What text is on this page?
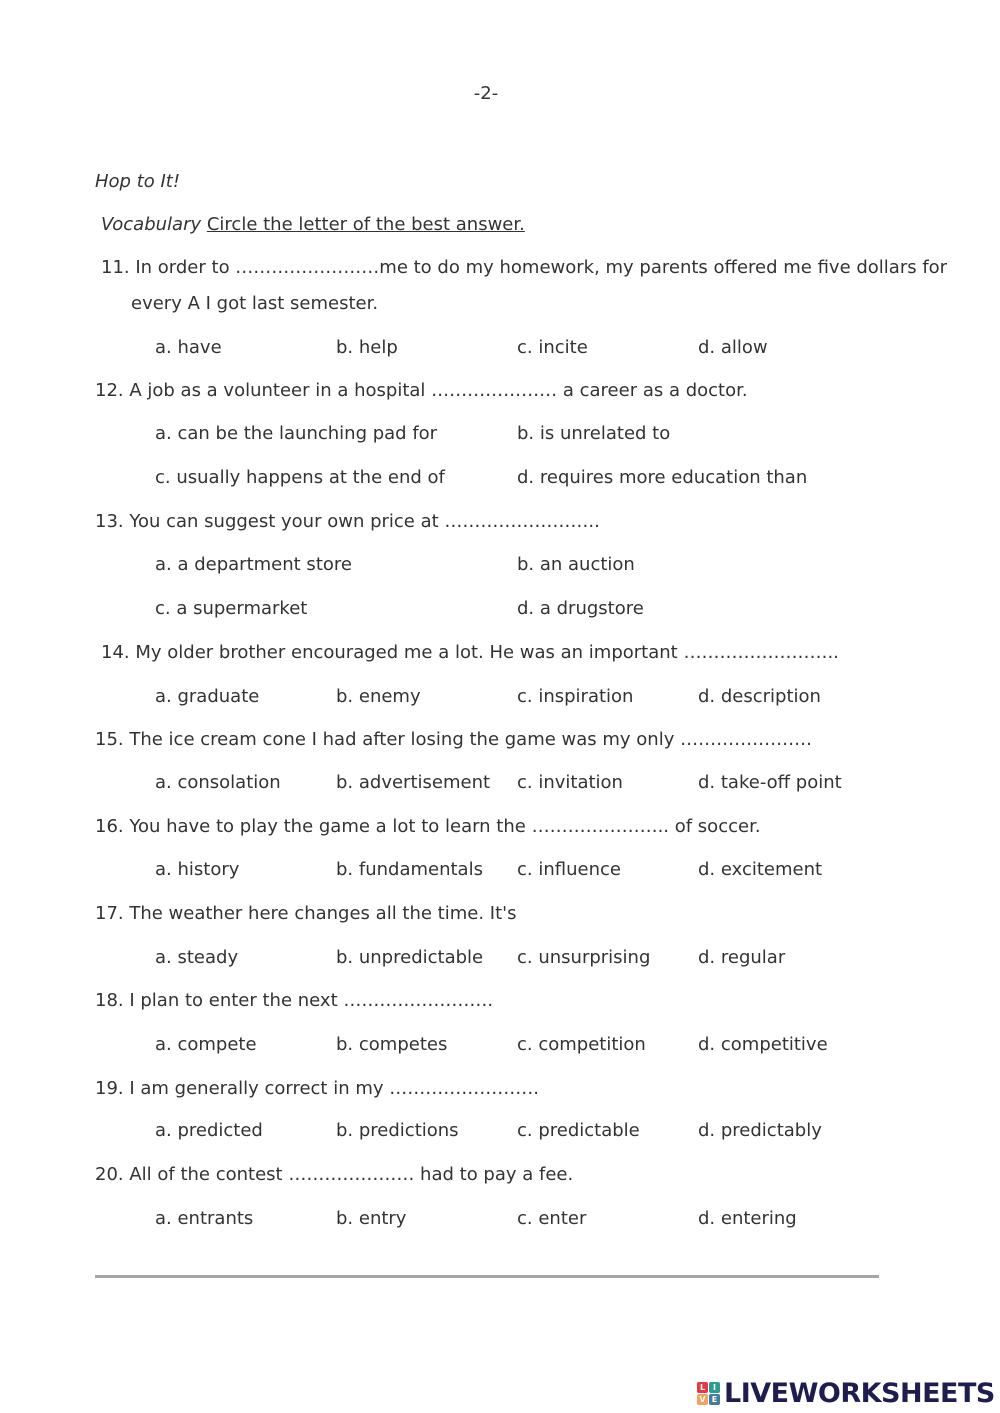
-2-
Hop to It!
Vocabulary Circle the letter of the best answer.
11. In order to ……………………me to do my homework, my parents offered me five dollars for
every A I got last semester.
a. have	b. help	c. incite	d. allow
12. A job as a volunteer in a hospital ………………… a career as a doctor.
a. can be the launching pad for	b. is unrelated to
c. usually happens at the end of	d. requires more education than
13. You can suggest your own price at ……………………..
a. a department store	b. an auction
c. a supermarket	d. a drugstore
14. My older brother encouraged me a lot. He was an important ……………………..
a. graduate	b. enemy	c. inspiration	d. description
15. The ice cream cone I had after losing the game was my only ………………….
a. consolation	b. advertisement c. invitation	d. take-off point
16. You have to play the game a lot to learn the ………………….. of soccer.
a. history	b. fundamentals c. influence	d. excitement
17. The weather here changes all the time. It's
a. steady	b. unpredictable c. unsurprising	d. regular
18. I plan to enter the next …………………….
a. compete	b. competes	c. competition	d. competitive
19. I am generally correct in my …………………….
a. predicted	b. predictions	c. predictable	d. predictably
20. All of the contest ………………… had to pay a fee.
a. entrants	b. entry	c. enter	d. entering
L I
V E LIVEWORKSHEETS
